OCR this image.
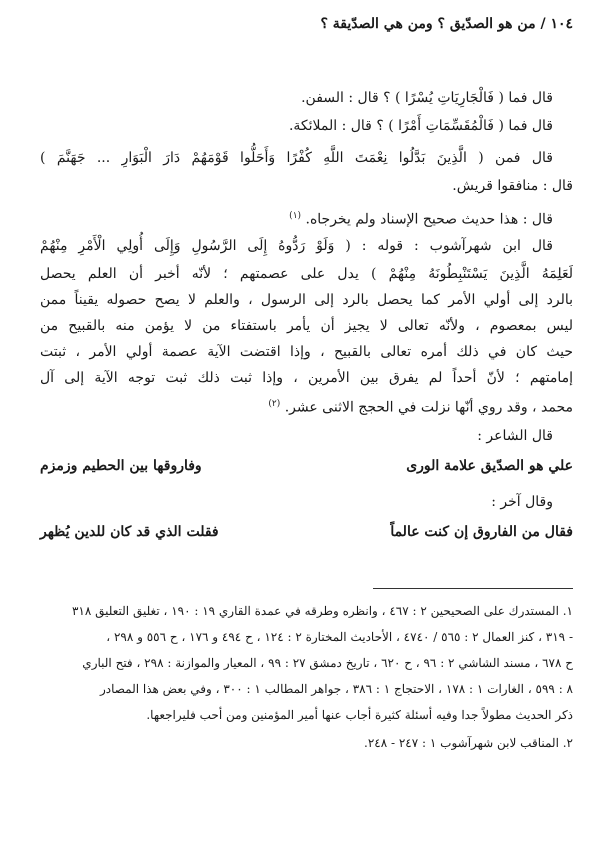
١٠٤ / من هو الصدّيق ؟ ومن هي الصدّيقة ؟
قال فما ( فَالْجَارِيَاتِ يُسْرًا ) ؟ قال : السفن.
قال فما ( فَالْمُقَسِّمَاتِ أَمْرًا ) ؟ قال : الملائكة.
قال فمن ( الَّذِينَ بَدَّلُوا نِعْمَتَ اللَّهِ كُفْرًا وَأَحَلُّوا قَوْمَهُمْ دَارَ الْبَوَارِ ... جَهَنَّمَ )
قال : منافقوا قريش.
قال : هذا حديث صحيح الإسناد ولم يخرجاه. $^{(١)}$
قال ابن شهرآشوب : قوله : ( وَلَوْ رَدُّوهُ إِلَى الرَّسُولِ وَإِلَى أُولِي الْأَمْرِ مِنْهُمْ
لَعَلِمَهُ الَّذِينَ يَسْتَنْبِطُونَهُ مِنْهُمْ ) يدل على عصمتهم ؛ لأنّه أخبر أن العلم يحصل
بالرد إلى أولي الأمر كما يحصل بالرد إلى الرسول ، والعلم لا يصح حصوله يقيناً ممن
ليس بمعصوم ، ولأنّه تعالى لا يجيز أن يأمر باستفتاء من لا يؤمن منه بالقبيح من
حيث كان في ذلك أمره تعالى بالقبيح ، وإذا اقتضت الآية عصمة أولي الأمر ، ثبتت
إمامتهم ؛ لأنّ أحداً لم يفرق بين الأمرين ، وإذا ثبت ذلك ثبت توجه الآية إلى آل
محمد ، وقد روي أنّها نزلت في الحجج الاثنى عشر. $^{(٢)}$
قال الشاعر :
علي هو الصدّيق علامة الورى
وفاروقها بين الحطيم وزمزم
وقال آخر :
فقال من الفاروق إن كنت عالماً
فقلت الذي قد كان للدين يُظهر
١. المستدرك على الصحيحين ٢ : ٤٦٧ ، وانظره وطرقه في عمدة القاري ١٩ : ١٩٠ ، تغليق التعليق ٣١٨
- ٣١٩ ، كنز العمال ٢ : ٥٦٥ / ٤٧٤٠ ، الأحاديث المختارة ٢ : ١٢٤ ، ح ٤٩٤ و ١٧٦ ، ح ٥٥٦ و ٢٩٨ ،
ح ٦٧٨ ، مسند الشاشي ٢ : ٩٦ ، ح ٦٢٠ ، تاريخ دمشق ٢٧ : ٩٩ ، المعيار والموازنة : ٢٩٨ ، فتح الباري
٨ : ٥٩٩ ، الغارات ١ : ١٧٨ ، الاحتجاج ١ : ٣٨٦ ، جواهر المطالب ١ : ٣٠٠ ، وفي بعض هذا المصادر
ذكر الحديث مطولاً جدا وفيه أسئلة كثيرة أجاب عنها أمير المؤمنين ومن أحب فليراجعها.
٢. المناقب لابن شهرآشوب ١ : ٢٤٧ - ٢٤٨.
